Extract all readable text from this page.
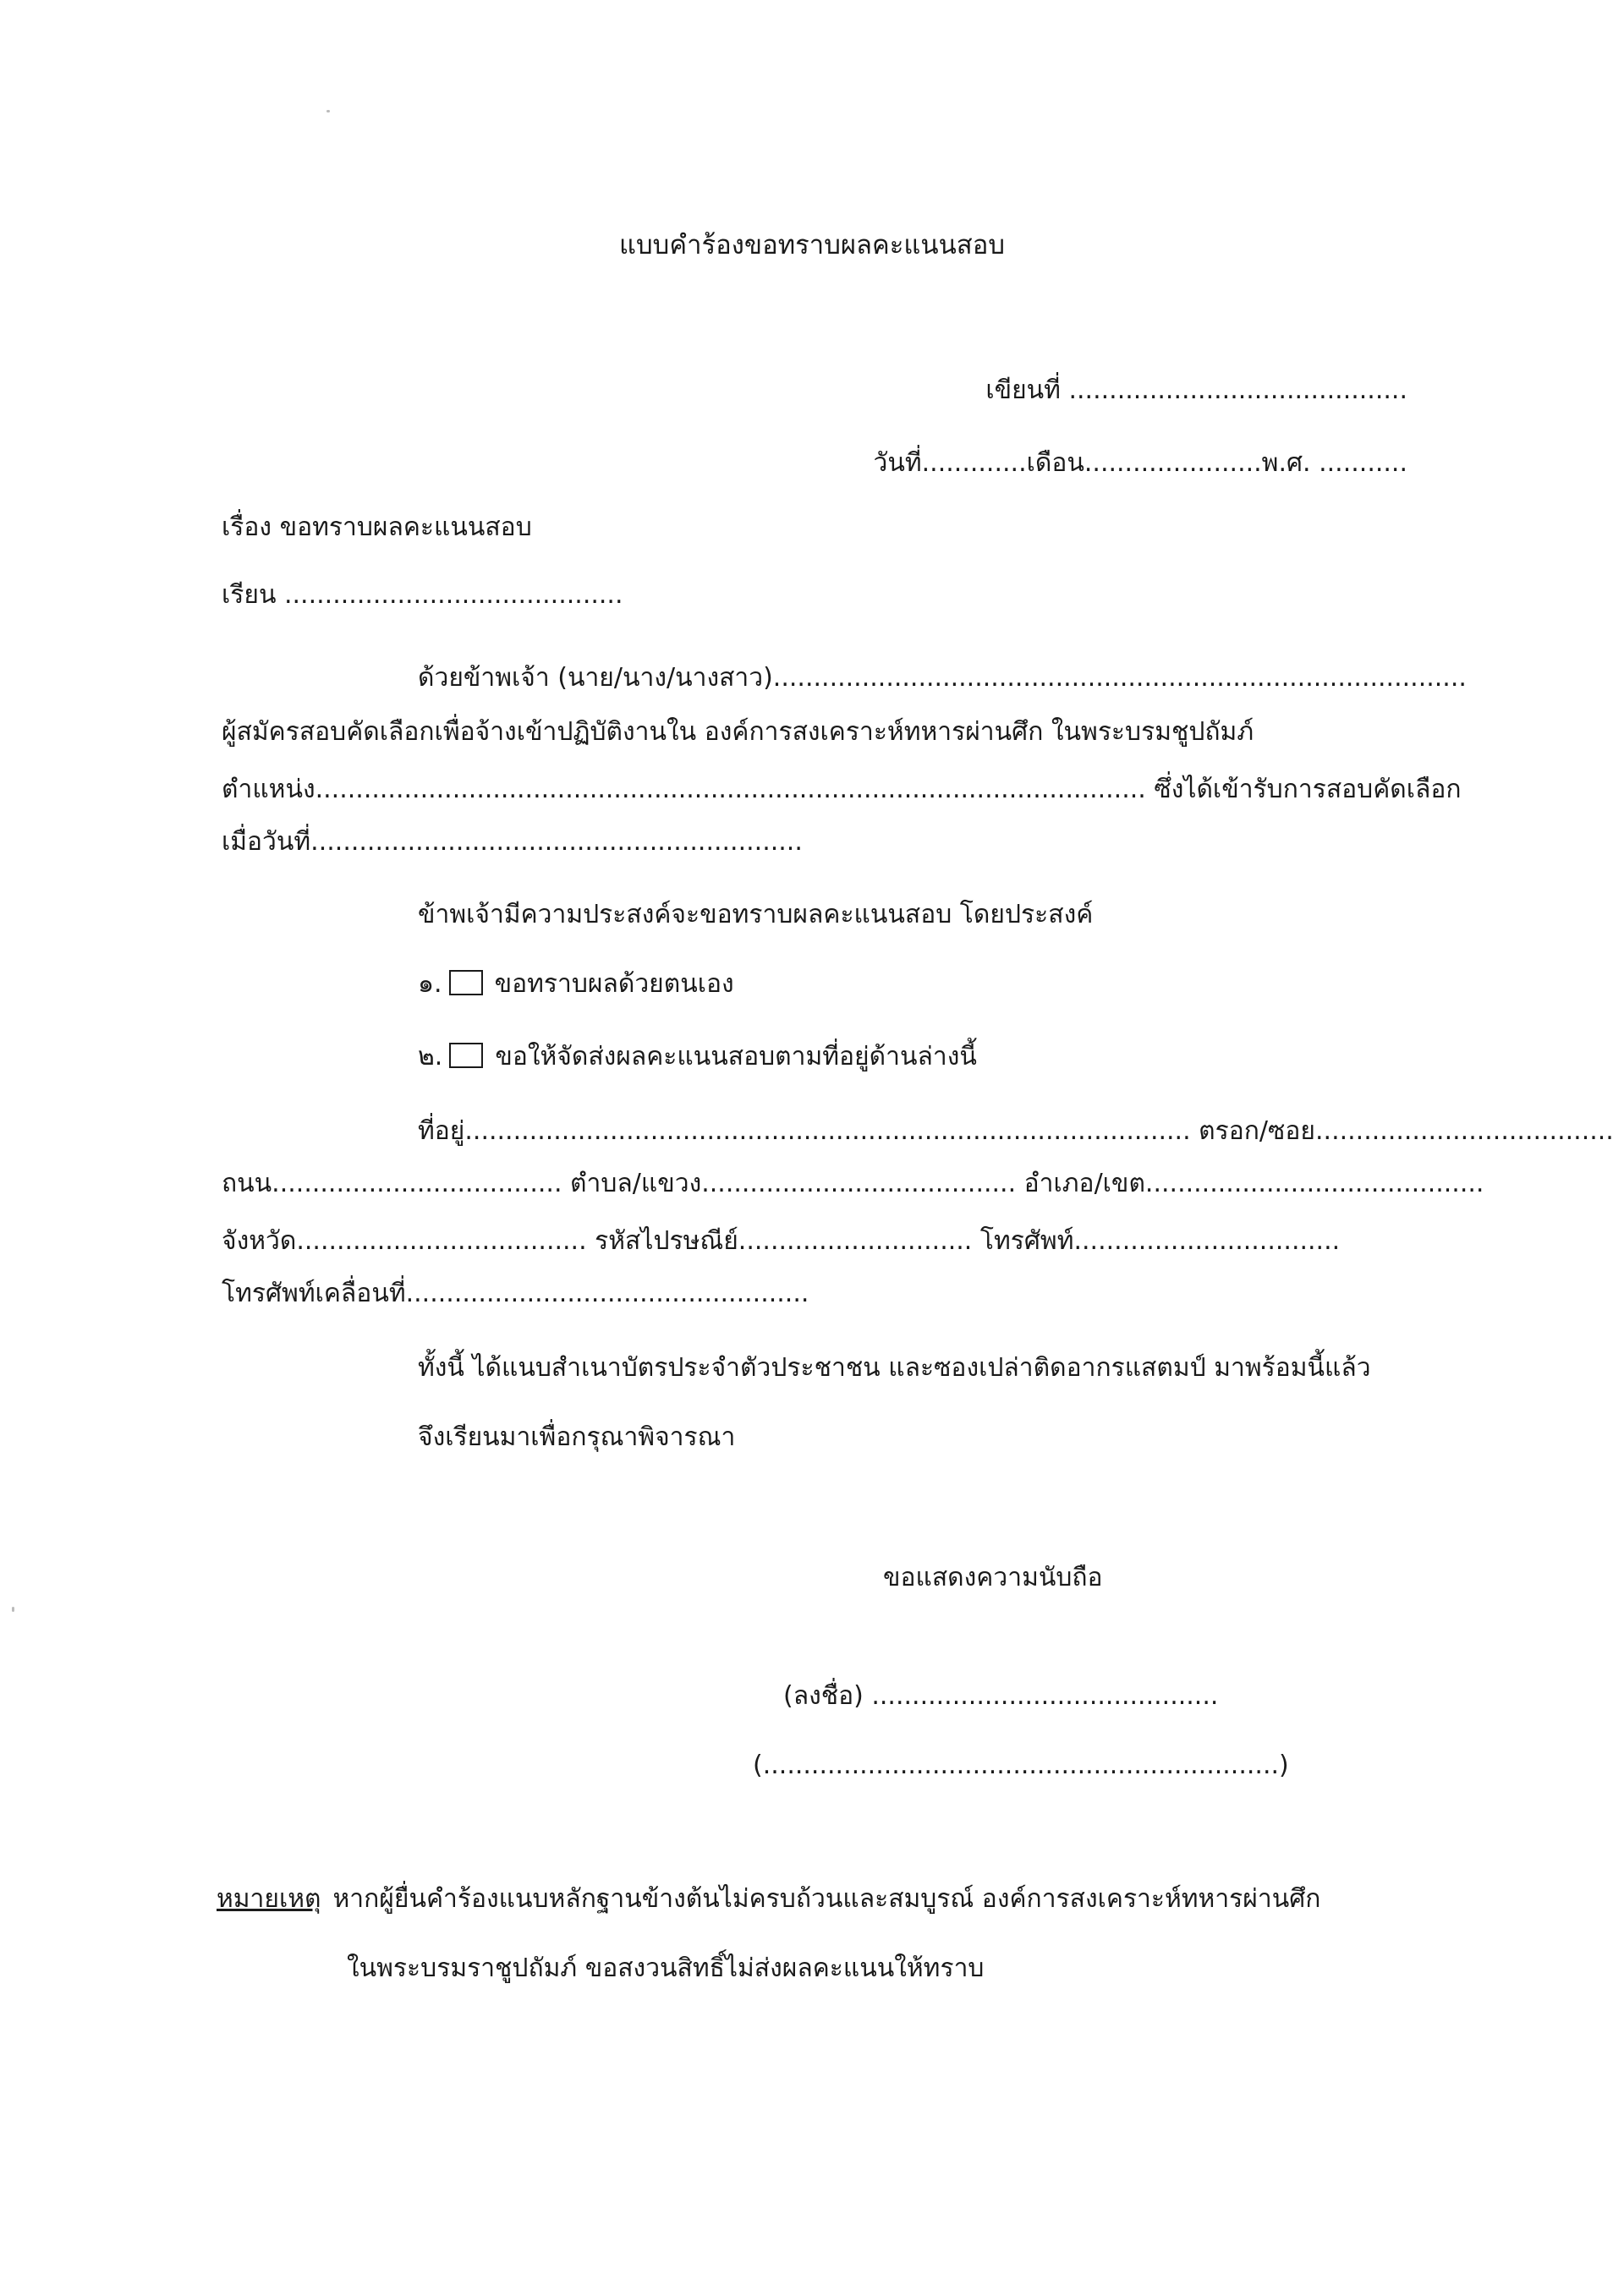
แบบคำร้องขอทราบผลคะแนนสอบ
เขียนที่ ..........................................
วันที่.............เดือน......................พ.ศ. ...........
เรื่อง ขอทราบผลคะแนนสอบ
เรียน ..........................................
ด้วยข้าพเจ้า (นาย/นาง/นางสาว)......................................................................................
ผู้สมัครสอบคัดเลือกเพื่อจ้างเข้าปฏิบัติงานใน องค์การสงเคราะห์ทหารผ่านศึก ในพระบรมชูปถัมภ์
ตำแหน่ง....................................................................................................... ซึ่งได้เข้ารับการสอบคัดเลือก
เมื่อวันที่.............................................................
ข้าพเจ้ามีความประสงค์จะขอทราบผลคะแนนสอบ โดยประสงค์
๑. ขอทราบผลด้วยตนเอง
๒. ขอให้จัดส่งผลคะแนนสอบตามที่อยู่ด้านล่างนี้
ที่อยู่.......................................................................................... ตรอก/ซอย.....................................
ถนน.................................... ตำบล/แขวง....................................... อำเภอ/เขต..........................................
จังหวัด.................................... รหัสไปรษณีย์............................. โทรศัพท์.................................
โทรศัพท์เคลื่อนที่..................................................
ทั้งนี้ ได้แนบสำเนาบัตรประจำตัวประชาชน และซองเปล่าติดอากรแสตมป์ มาพร้อมนี้แล้ว
จึงเรียนมาเพื่อกรุณาพิจารณา
ขอแสดงความนับถือ
(ลงชื่อ) ...........................................
(................................................................)
หมายเหตุ หากผู้ยื่นคำร้องแนบหลักฐานข้างต้นไม่ครบถ้วนและสมบูรณ์ องค์การสงเคราะห์ทหารผ่านศึก
ในพระบรมราชูปถัมภ์ ขอสงวนสิทธิ์ไม่ส่งผลคะแนนให้ทราบ
